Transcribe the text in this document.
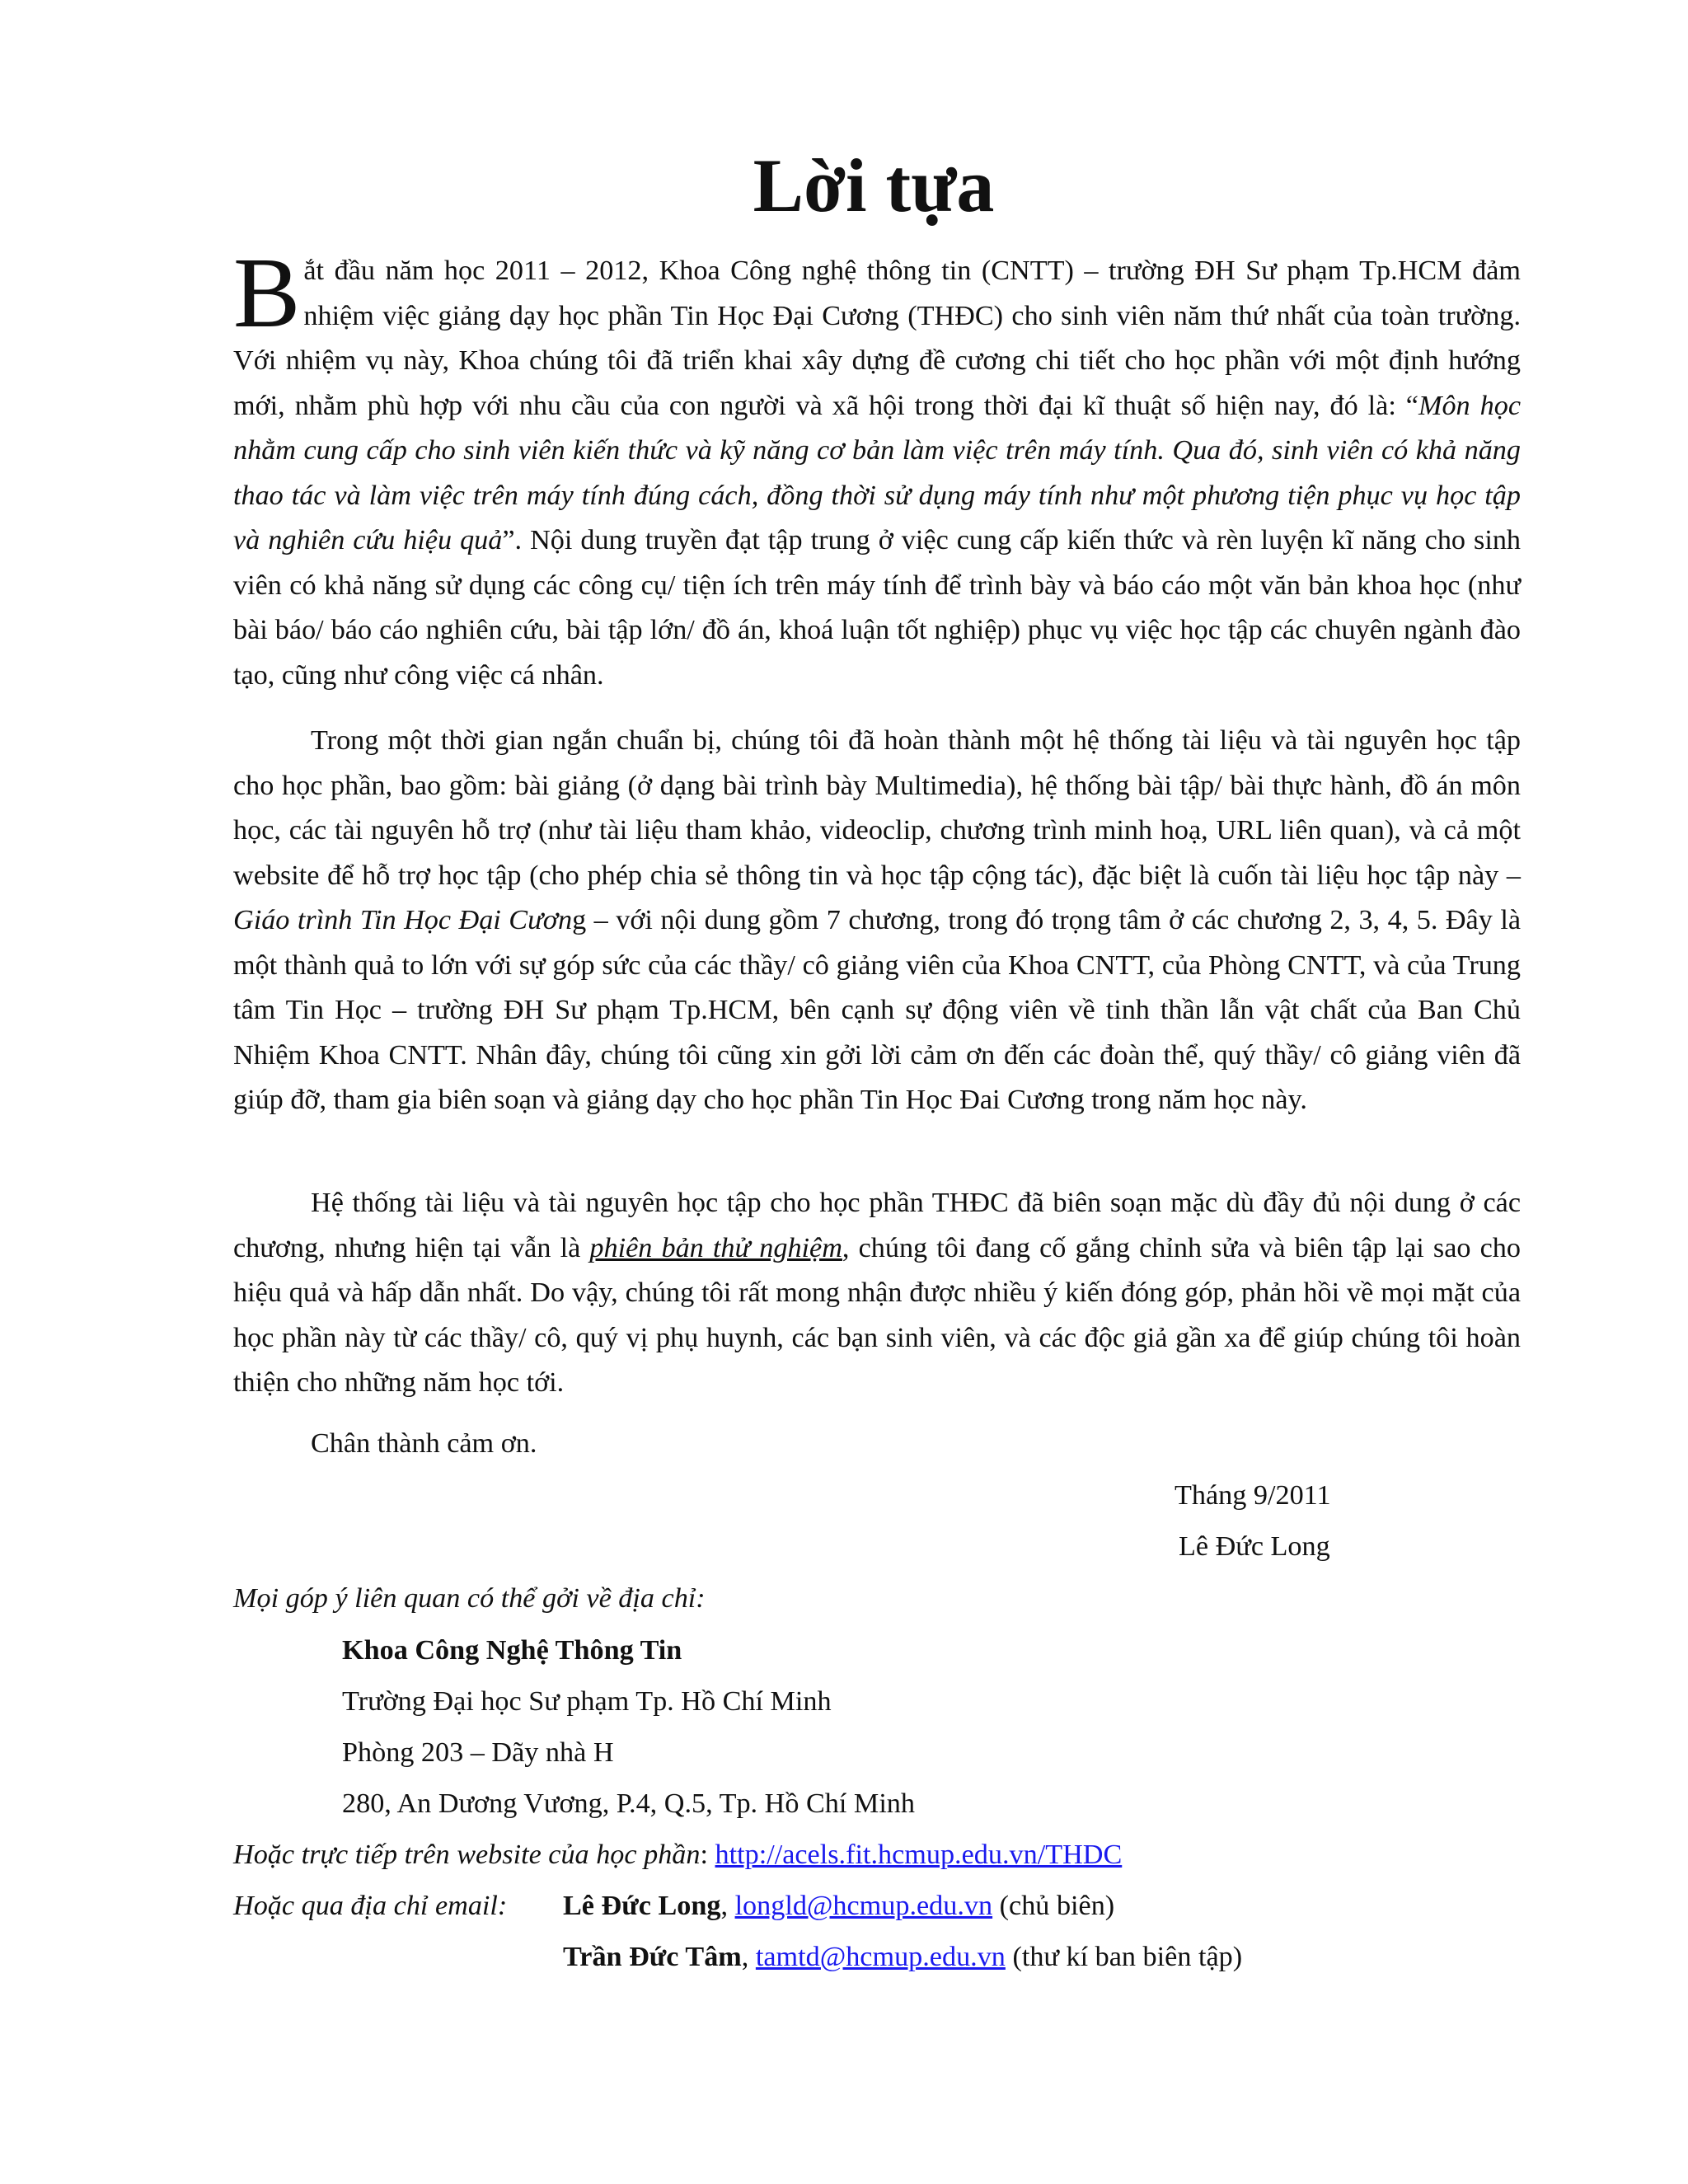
Lời tựa

Bắt đầu năm học 2011 – 2012, Khoa Công nghệ thông tin (CNTT) – trường ĐH Sư phạm Tp.HCM đảm nhiệm việc giảng dạy học phần Tin Học Đại Cương (THĐC) cho sinh viên năm thứ nhất của toàn trường. Với nhiệm vụ này, Khoa chúng tôi đã triển khai xây dựng đề cương chi tiết cho học phần với một định hướng mới, nhằm phù hợp với nhu cầu của con người và xã hội trong thời đại kĩ thuật số hiện nay, đó là: “Môn học nhằm cung cấp cho sinh viên kiến thức và kỹ năng cơ bản làm việc trên máy tính. Qua đó, sinh viên có khả năng thao tác và làm việc trên máy tính đúng cách, đồng thời sử dụng máy tính như một phương tiện phục vụ học tập và nghiên cứu hiệu quả”. Nội dung truyền đạt tập trung ở việc cung cấp kiến thức và rèn luyện kĩ năng cho sinh viên có khả năng sử dụng các công cụ/ tiện ích trên máy tính để trình bày và báo cáo một văn bản khoa học (như bài báo/ báo cáo nghiên cứu, bài tập lớn/ đồ án, khoá luận tốt nghiệp) phục vụ việc học tập các chuyên ngành đào tạo, cũng như công việc cá nhân.

Trong một thời gian ngắn chuẩn bị, chúng tôi đã hoàn thành một hệ thống tài liệu và tài nguyên học tập cho học phần, bao gồm: bài giảng (ở dạng bài trình bày Multimedia), hệ thống bài tập/ bài thực hành, đồ án môn học, các tài nguyên hỗ trợ (như tài liệu tham khảo, videoclip, chương trình minh hoạ, URL liên quan), và cả một website để hỗ trợ học tập (cho phép chia sẻ thông tin và học tập cộng tác), đặc biệt là cuốn tài liệu học tập này – Giáo trình Tin Học Đại Cương – với nội dung gồm 7 chương, trong đó trọng tâm ở các chương 2, 3, 4, 5. Đây là một thành quả to lớn với sự góp sức của các thầy/ cô giảng viên của Khoa CNTT, của Phòng CNTT, và của Trung tâm Tin Học – trường ĐH Sư phạm Tp.HCM, bên cạnh sự động viên về tinh thần lẫn vật chất của Ban Chủ Nhiệm Khoa CNTT. Nhân đây, chúng tôi cũng xin gởi lời cảm ơn đến các đoàn thể, quý thầy/ cô giảng viên đã giúp đỡ, tham gia biên soạn và giảng dạy cho học phần Tin Học Đai Cương trong năm học này.

Hệ thống tài liệu và tài nguyên học tập cho học phần THĐC đã biên soạn mặc dù đầy đủ nội dung ở các chương, nhưng hiện tại vẫn là phiên bản thử nghiệm, chúng tôi đang cố gắng chỉnh sửa và biên tập lại sao cho hiệu quả và hấp dẫn nhất. Do vậy, chúng tôi rất mong nhận được nhiều ý kiến đóng góp, phản hồi về mọi mặt của học phần này từ các thầy/ cô, quý vị phụ huynh, các bạn sinh viên, và các độc giả gần xa để giúp chúng tôi hoàn thiện cho những năm học tới.

Chân thành cảm ơn.

Tháng 9/2011
Lê Đức Long
Mọi góp ý liên quan có thể gởi về địa chỉ:
Khoa Công Nghệ Thông Tin
Trường Đại học Sư phạm Tp. Hồ Chí Minh
Phòng 203 – Dãy nhà H
280, An Dương Vương, P.4, Q.5, Tp. Hồ Chí Minh
Hoặc trực tiếp trên website của học phần: http://acels.fit.hcmup.edu.vn/THDC
Hoặc qua địa chỉ email: Lê Đức Long, longld@hcmup.edu.vn (chủ biên)
Trần Đức Tâm, tamtd@hcmup.edu.vn (thư kí ban biên tập)
